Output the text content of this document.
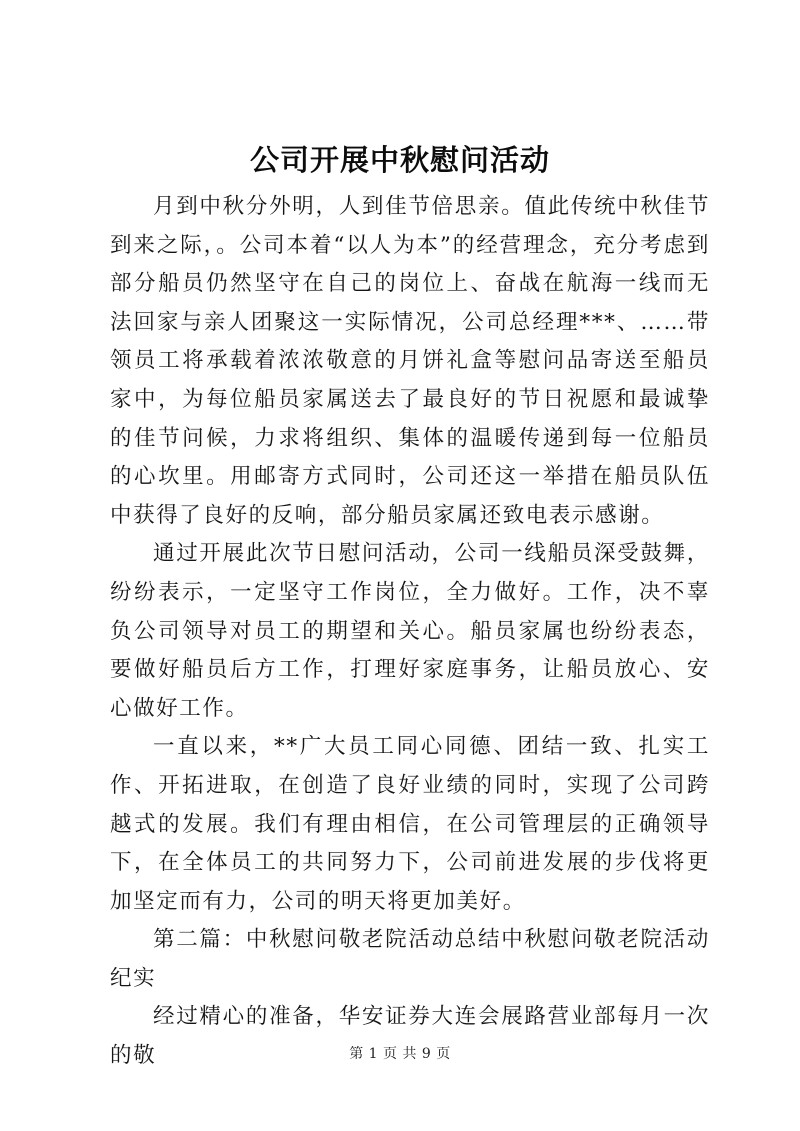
公司开展中秋慰问活动

月到中秋分外明，人到佳节倍思亲。值此传统中秋佳节到来之际，。公司本着“以人为本”的经营理念，充分考虑到部分船员仍然坚守在自己的岗位上、奋战在航海一线而无法回家与亲人团聚这一实际情况，公司总经理***、……带领员工将承载着浓浓敬意的月饼礼盒等慰问品寄送至船员家中，为每位船员家属送去了最良好的节日祝愿和最诚挚的佳节问候，力求将组织、集体的温暖传递到每一位船员的心坎里。用邮寄方式同时，公司还这一举措在船员队伍中获得了良好的反响，部分船员家属还致电表示感谢。

通过开展此次节日慰问活动，公司一线船员深受鼓舞，纷纷表示，一定坚守工作岗位，全力做好。工作，决不辜负公司领导对员工的期望和关心。船员家属也纷纷表态，要做好船员后方工作，打理好家庭事务，让船员放心、安心做好工作。

一直以来，**广大员工同心同德、团结一致、扎实工作、开拓进取，在创造了良好业绩的同时，实现了公司跨越式的发展。我们有理由相信，在公司管理层的正确领导下，在全体员工的共同努力下，公司前进发展的步伐将更加坚定而有力，公司的明天将更加美好。

第二篇：中秋慰问敬老院活动总结中秋慰问敬老院活动纪实

经过精心的准备，华安证券大连会展路营业部每月一次的敬	第 1 页 共 9 页
